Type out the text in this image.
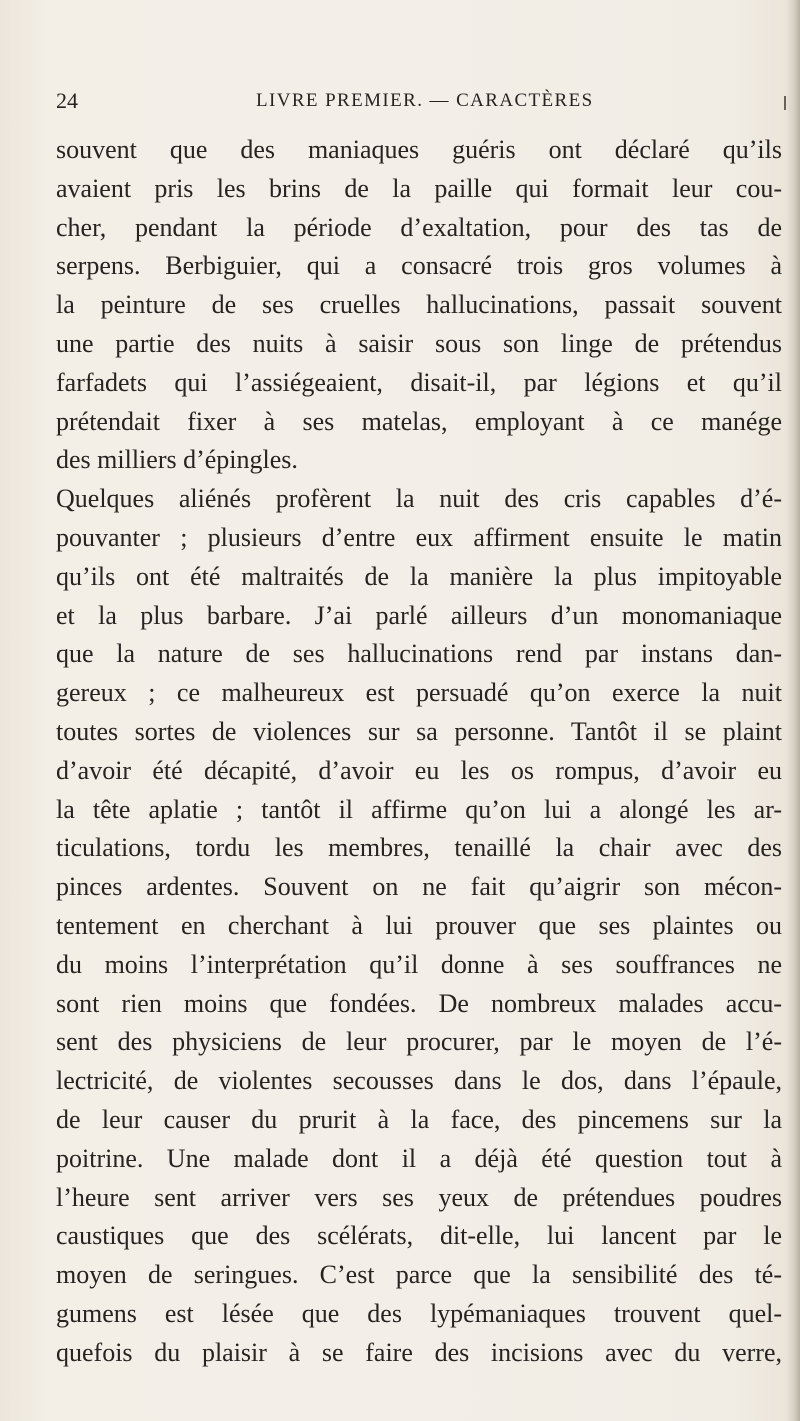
24	LIVRE PREMIER. — CARACTÈRES
souvent que des maniaques guéris ont déclaré qu’ils
avaient pris les brins de la paille qui formait leur cou-
cher, pendant la période d’exaltation, pour des tas de
serpens. Berbiguier, qui a consacré trois gros volumes à
la peinture de ses cruelles hallucinations, passait souvent
une partie des nuits à saisir sous son linge de prétendus
farfadets qui l’assiégeaient, disait-il, par légions et qu’il
prétendait fixer à ses matelas, employant à ce manége
des milliers d’épingles.
Quelques aliénés profèrent la nuit des cris capables d’é-
pouvanter ; plusieurs d’entre eux affirment ensuite le matin
qu’ils ont été maltraités de la manière la plus impitoyable
et la plus barbare. J’ai parlé ailleurs d’un monomaniaque
que la nature de ses hallucinations rend par instans dan-
gereux ; ce malheureux est persuadé qu’on exerce la nuit
toutes sortes de violences sur sa personne. Tantôt il se plaint
d’avoir été décapité, d’avoir eu les os rompus, d’avoir eu
la tête aplatie ; tantôt il affirme qu’on lui a alongé les ar-
ticulations, tordu les membres, tenaillé la chair avec des
pinces ardentes. Souvent on ne fait qu’aigrir son mécon-
tentement en cherchant à lui prouver que ses plaintes ou
du moins l’interprétation qu’il donne à ses souffrances ne
sont rien moins que fondées. De nombreux malades accu-
sent des physiciens de leur procurer, par le moyen de l’é-
lectricité, de violentes secousses dans le dos, dans l’épaule,
de leur causer du prurit à la face, des pincemens sur la
poitrine. Une malade dont il a déjà été question tout à
l’heure sent arriver vers ses yeux de prétendues poudres
caustiques que des scélérats, dit-elle, lui lancent par le
moyen de seringues. C’est parce que la sensibilité des té-
gumens est lésée que des lypémaniaques trouvent quel-
quefois du plaisir à se faire des incisions avec du verre,
